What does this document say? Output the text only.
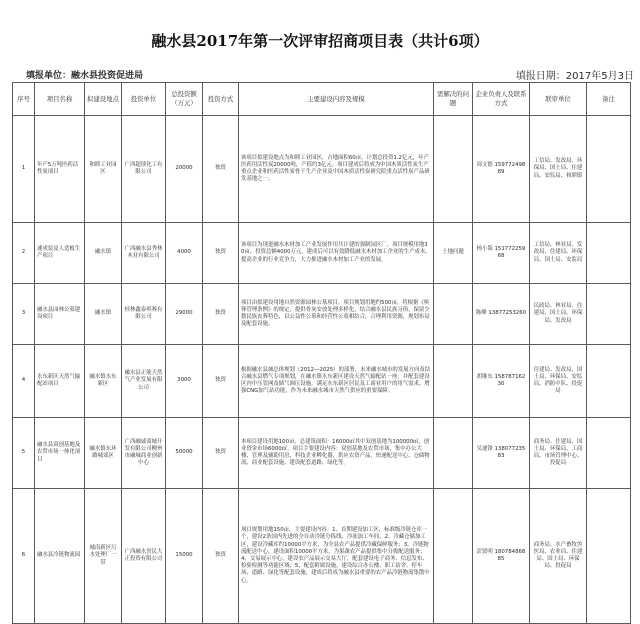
融水县2017年第一次评审招商项目表（共计6项）
填报单位：融水县投资促进局	填报日期：2017年5月3日
序号	项目名称	拟建设地点	投资单位	总投资额（万元）	投资方式	主要建设内容及规模	需解决的问题	企业负责人及联系方式	联审单位	备注
1	年产5万吨医药活性炭项目	和睦工业园区	广西超琰化工有限公司	20000	独资	该项目拟建设地点为和睦工业园区，占地面积60亩，计划总投资1.2亿元，年产医药用活性炭20000吨，产值约3亿元。项目建成后将成为中国木质活性炭生产重点企业和医药活性炭骨干生产企业及中国木质活性炭研究院重点活性炭产品研发基地之一。		周文德 15977249889	工信局、发改局、环保局、国土局、住建局、安监局、和睦镇	
2	速成装及人造板生产项目	融水镇	广西融水县秀林木业有限公司	4000	独资	该项目为现进融水木材加工产业发展作用共计建的强制园区厂，项目规模用地30亩，投资总额4000万元，建成后可以有效降低融水木材加工企业的生产成本，提高企业的行业竞争力，大力推进融水木材加工产业的发展。	土地问题	杨小海 15177225968	工信局、林业局、发改局、住建局、环保局、国土局、安监局	
3	融水县园林公墓建设项目	融水镇	桂林鑫泰殡葬有限公司	29000	独资	项目由拟建设用地自然资源园林公墓项目，项目规划用地约500亩，将根据《殡葬管理条例》的规定，提供骨灰安放处理多样化，结合融水县民族习俗，保留少数民族丧葬特色，以公益性公墓和经营性公墓相结合，合理利用资源，规划布局及配套设施。		陈峰 13877253260	民政局、林业局、住建局、国土局、环保局、发改局	
4	水东新区天然气输配站项目	融水镇水东新区	融水县正能天然气产业发展有限公司	3000	独资	根据融水县城总体规划（2012—2025）的部署，未来融水城市的发展方向及结合融水县燃气专项规划，在融水镇水东新区建设天然气输配站一座，并配套建设区内中压管网及储气调压设施，满足水东新区居民及工商业用户的用气需求，增强CNG加气站功能，作为未来融水城市天然气供应的重要保障。		胡继东 15878716230	住建局、发改局、国土局、环保局、安监局、消防中队、投促局	
5	融水县双创基地及农贸市场一体化项目	融水镇东环路城郊区	广西融诚商城开发有限公司柳州市融城商业创新中心	50000	独资	本项目建设用地100亩，总建筑面积：16000㎡其中双创基地为100000㎡，创业资金市场6000㎡。项目主要建设内容：双创基地及农贸市场，集中办公大楼、管理及辅助用房、科技企业孵化器，供应农资产品，快递配送中心、仓储物流、商业配套设施、建设配套道路、绿化等。		吴迪锋 13807723583	商务局、住建局、国土局、环保局、工商局、市场管理中心、投促局	
6	融水县冷链物流园	城南新区污水处理厂一带	广西融水誉民大正投资有限公司	15000	独资	项目规划用地150亩。主要建设内容：1、首期建设加工区，标准级冷链仓库一个，建设2条国内先进的全自动冷链分拣线、冷冻加工车间，2、冷藏仓储加工区，建设冷藏库约10000平方米，为全县农产品提供冷藏保鲜服务；3、冷链物流配送中心，建设面积10000平方米，为果蔬农产品提供集中分拨配送服务；4、交易展示中心，建设农产品展示交易大厅，配套建设电子商务、信息发布、检验检测等功能区域；5、配套附属设施，建设综合办公楼、职工宿舍、停车场、道路、绿化等配套设施，建成后将成为融水县重要的农产品冷链物流集散中心。		彭贤明 18078486885	商务局、水产畜牧兽医局、农业局、住建局、国土局、环保局、投促局	
